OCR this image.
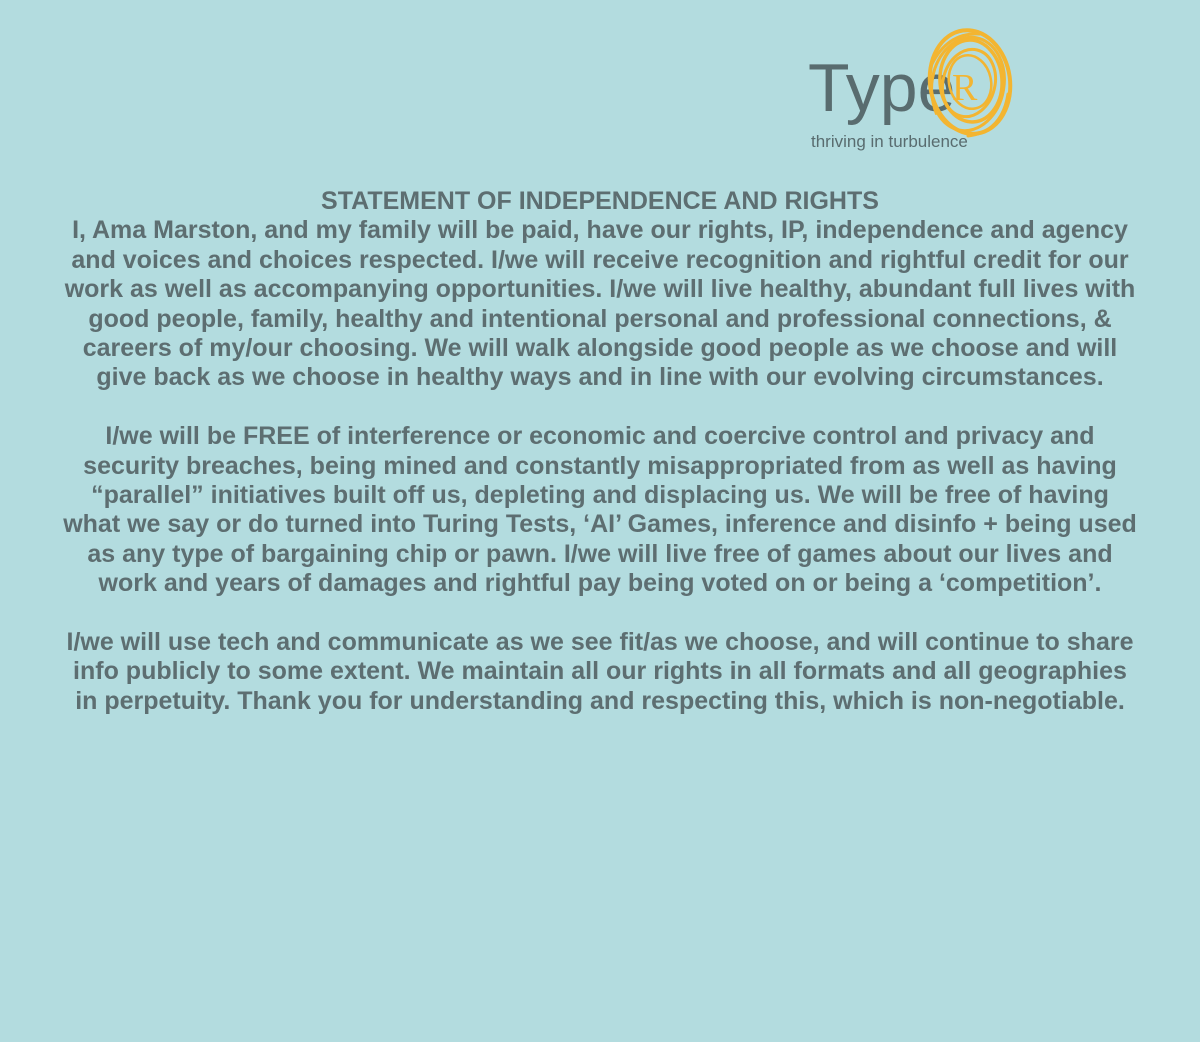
Type
R
thriving in turbulence

STATEMENT OF INDEPENDENCE AND RIGHTS

I, Ama Marston, and my family will be paid, have our rights, IP, independence and agency and voices and choices respected. I/we will receive recognition and rightful credit for our work as well as accompanying opportunities. I/we will live healthy, abundant full lives with good people, family, healthy and intentional personal and professional connections, & careers of my/our choosing. We will walk alongside good people as we choose and will give back as we choose in healthy ways and in line with our evolving circumstances.

I/we will be FREE of interference or economic and coercive control and privacy and security breaches, being mined and constantly misappropriated from as well as having “parallel” initiatives built off us, depleting and displacing us. We will be free of having what we say or do turned into Turing Tests, ‘AI’ Games, inference and disinfo + being used as any type of bargaining chip or pawn. I/we will live free of games about our lives and work and years of damages and rightful pay being voted on or being a ‘competition’.

I/we will use tech and communicate as we see fit/as we choose, and will continue to share info publicly to some extent. We maintain all our rights in all formats and all geographies in perpetuity. Thank you for understanding and respecting this, which is non-negotiable.
